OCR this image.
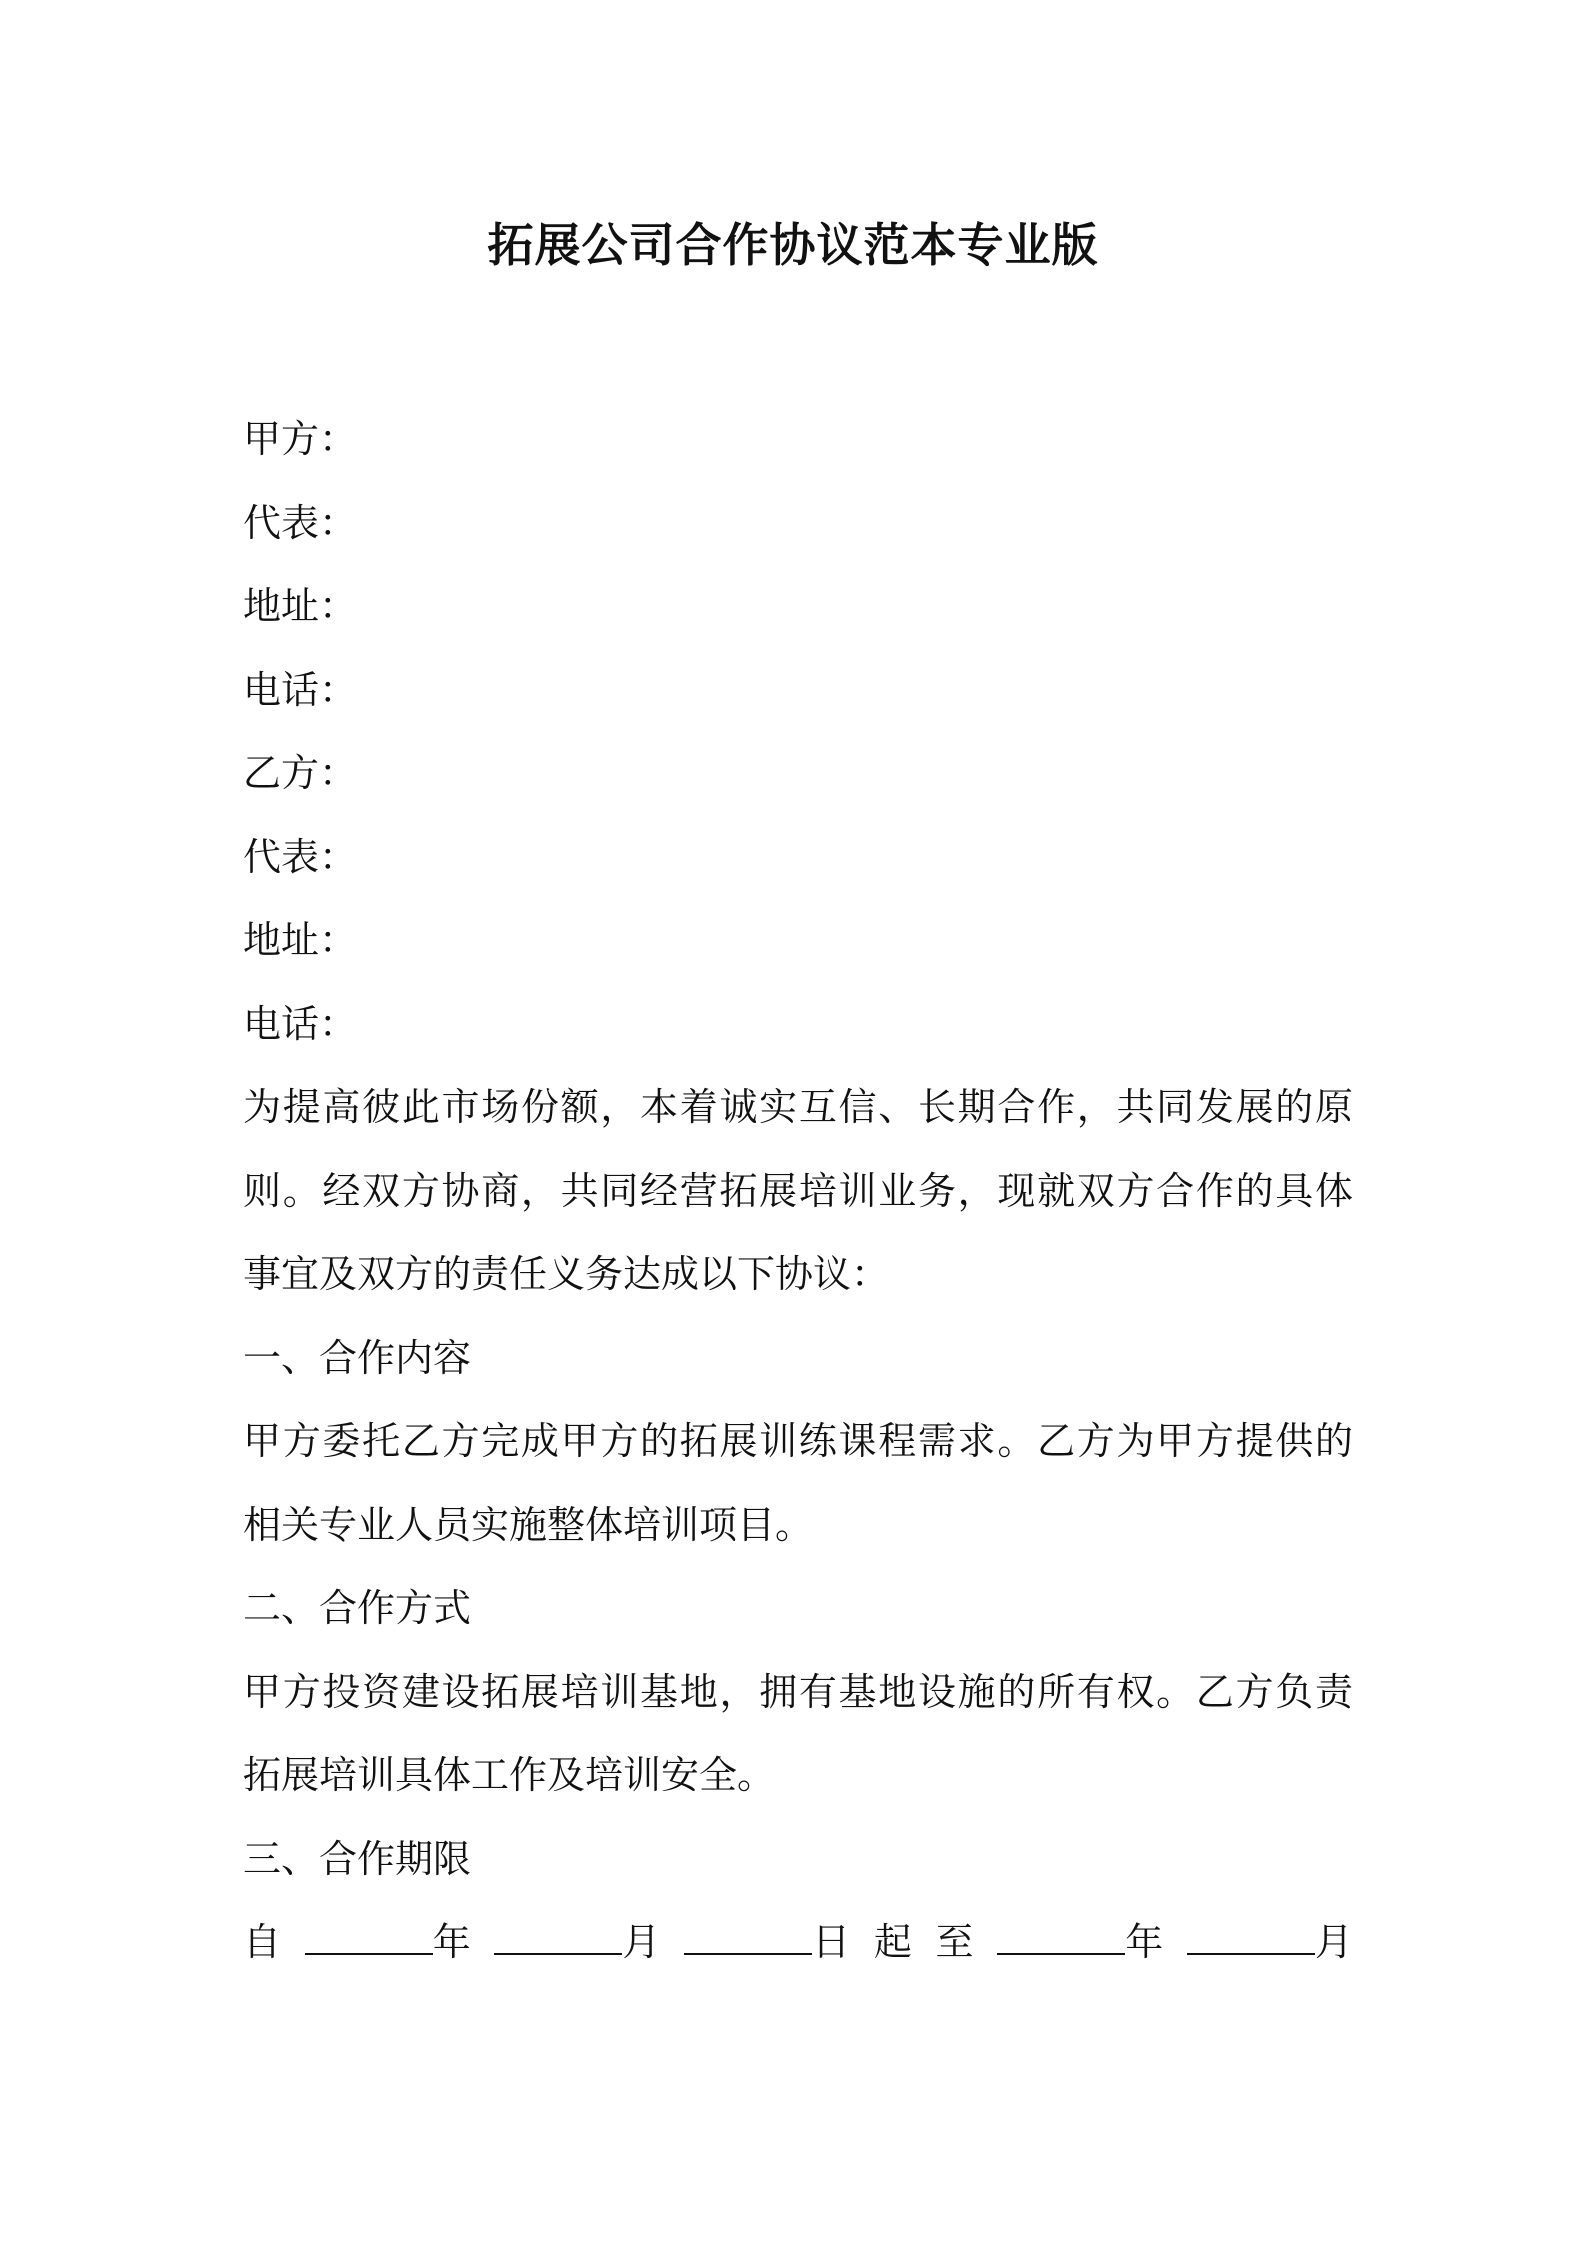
拓展公司合作协议范本专业版
甲方：
代表：
地址：
电话：
乙方：
代表：
地址：
电话：
为提高彼此市场份额，本着诚实互信、长期合作，共同发展的原
则。经双方协商，共同经营拓展培训业务，现就双方合作的具体
事宜及双方的责任义务达成以下协议：
一、合作内容
甲方委托乙方完成甲方的拓展训练课程需求。乙方为甲方提供的
相关专业人员实施整体培训项目。
二、合作方式
甲方投资建设拓展培训基地，拥有基地设施的所有权。乙方负责
拓展培训具体工作及培训安全。
三、合作期限
自	年	月	日 起 至	年	月
